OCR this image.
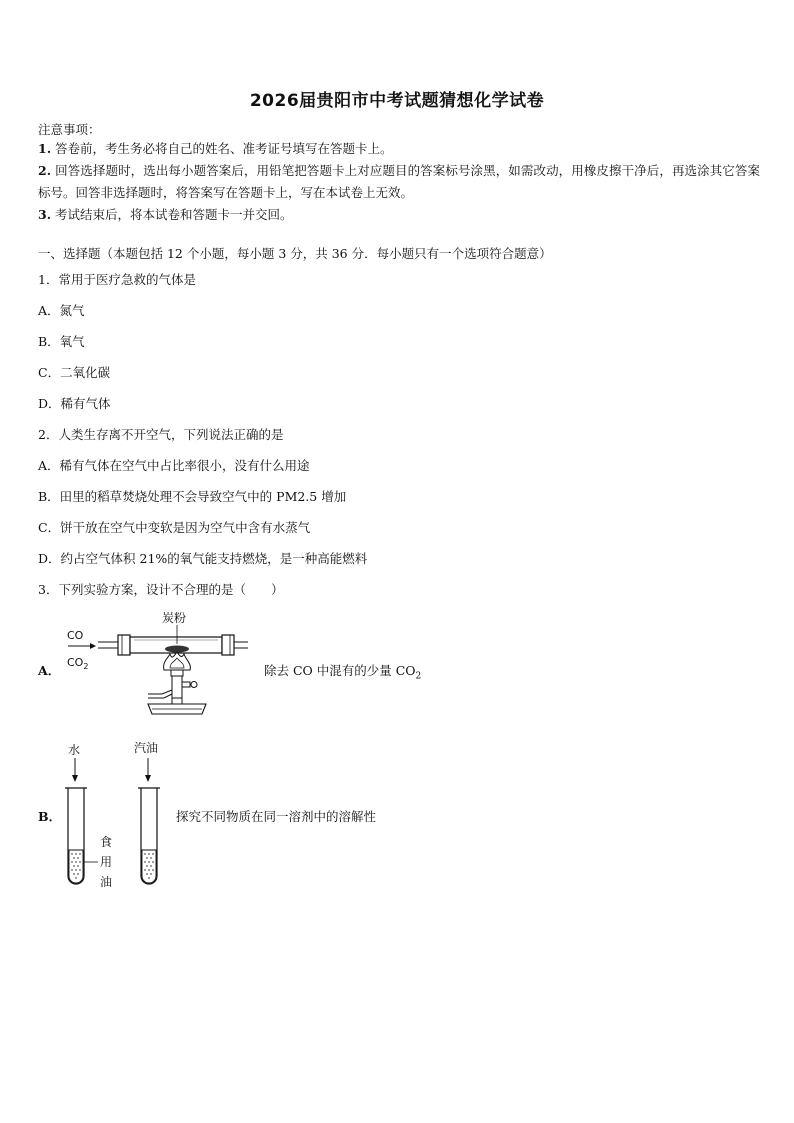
2026届贵阳市中考试题猜想化学试卷
注意事项：
1. 答卷前，考生务必将自己的姓名、准考证号填写在答题卡上。
2. 回答选择题时，选出每小题答案后，用铅笔把答题卡上对应题目的答案标号涂黑，如需改动，用橡皮擦干净后，再选涂其它答案标号。回答非选择题时，将答案写在答题卡上，写在本试卷上无效。
3. 考试结束后，将本试卷和答题卡一并交回。
一、选择题（本题包括 12 个小题，每小题 3 分，共 36 分．每小题只有一个选项符合题意）
1．常用于医疗急救的气体是
A．氮气
B．氧气
C．二氧化碳
D．稀有气体
2．人类生存离不开空气，下列说法正确的是
A．稀有气体在空气中占比率很小，没有什么用途
B．田里的稻草焚烧处理不会导致空气中的 PM2.5 增加
C．饼干放在空气中变软是因为空气中含有水蒸气
D．约占空气体积 21%的氧气能支持燃烧，是一种高能燃料
3．下列实验方案，设计不合理的是（　　）
A．
炭粉
CO
$CO_2$	除去 CO 中混有的少量 $CO_2$
B．
水	汽油
食
用
油
探究不同物质在同一溶剂中的溶解性
